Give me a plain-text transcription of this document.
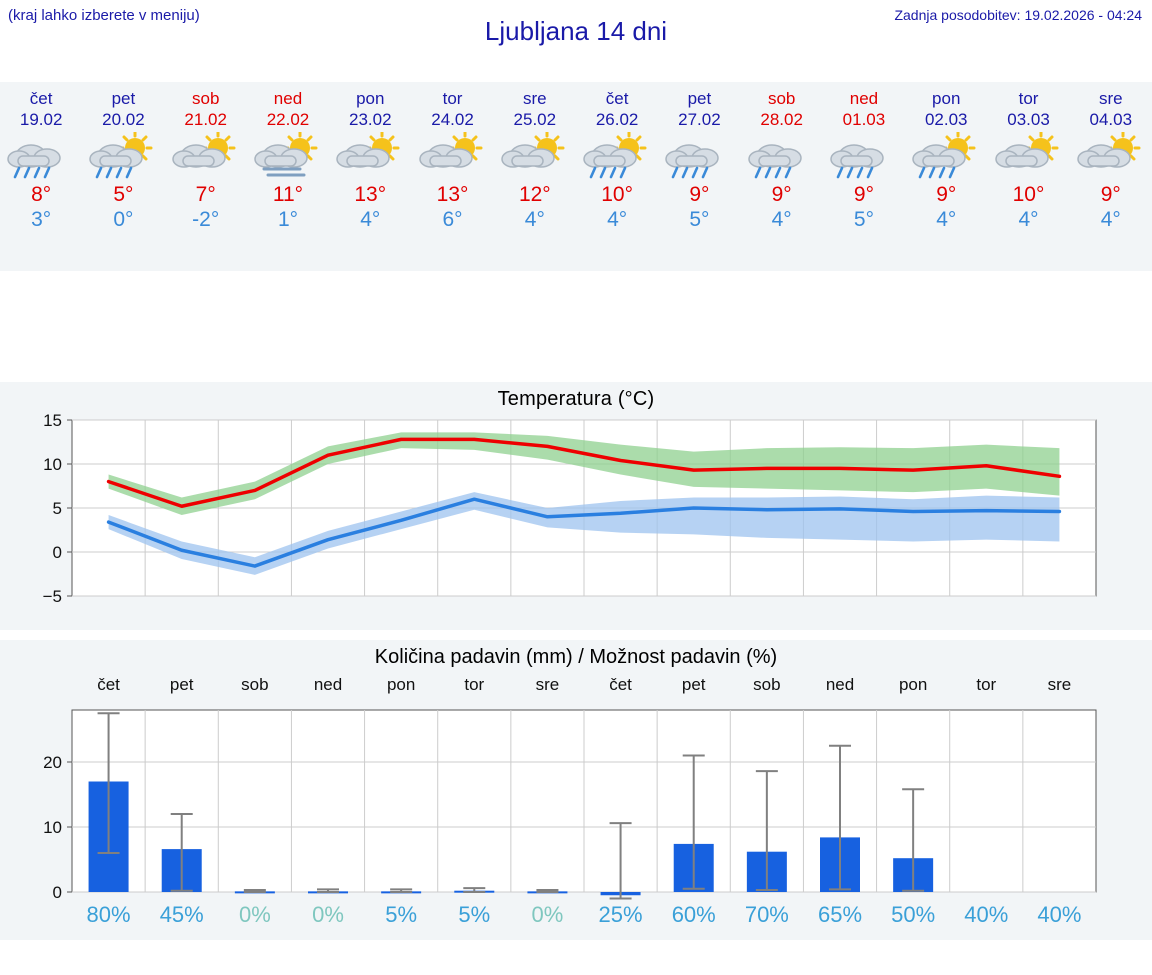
(kraj lahko izberete v meniju)
Ljubljana 14 dni
Zadnja posodobitev: 19.02.2026 - 04:24
čet
19.02
8°
3°
pet
20.02
5°
0°
sob
21.02
7°
-2°
ned
22.02
11°
1°
pon
23.02
13°
4°
tor
24.02
13°
6°
sre
25.02
12°
4°
čet
26.02
10°
4°
pet
27.02
9°
5°
sob
28.02
9°
4°
ned
01.03
9°
5°
pon
02.03
9°
4°
tor
03.03
10°
4°
sre
04.03
9°
4°
Temperatura (°C)
−5
0
5
10
15
Količina padavin (mm) / Možnost padavin (%)
čet	pet	sob	ned	pon	tor	sre	čet	pet	sob	ned	pon	tor	sre
0
10
20
80% 45% 0% 0% 5% 5% 0% 25% 60% 70% 65% 50% 40% 40%
